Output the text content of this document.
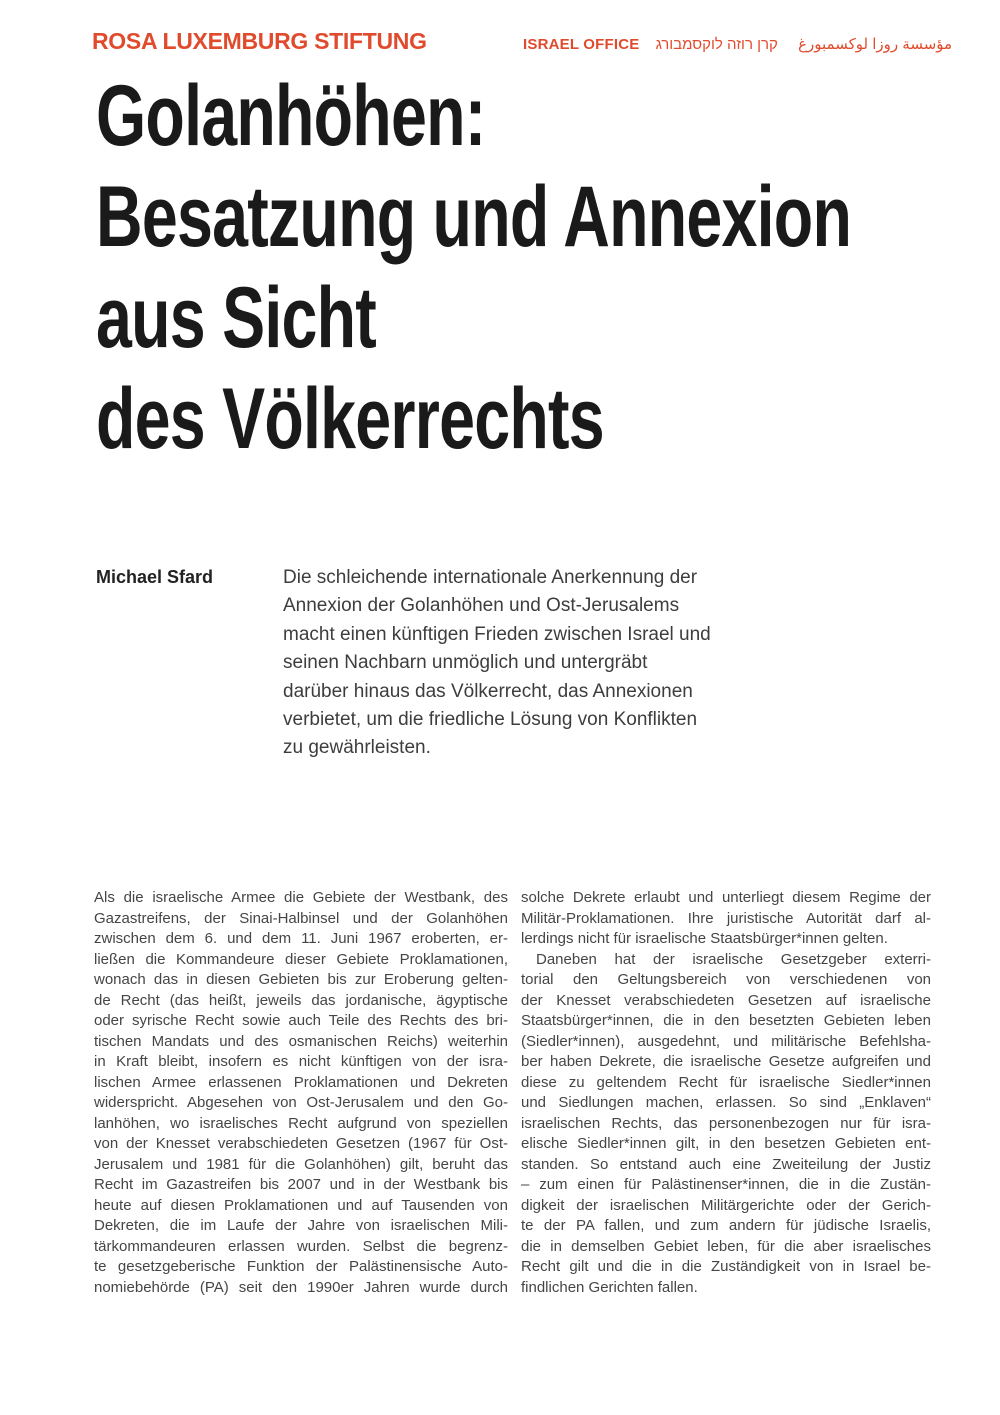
ROSA LUXEMBURG STIFTUNG	ISRAEL OFFICE קרן רוזה לוקסמבורג مؤسسة روزا لوكسمبورغ
Golanhöhen:
Besatzung und Annexion
aus Sicht
des Völkerrechts
Michael Sfard	Die schleichende internationale Anerkennung der
Annexion der Golanhöhen und Ost-Jerusalems
macht einen künftigen Frieden zwischen Israel und
seinen Nachbarn unmöglich und untergräbt
darüber hinaus das Völkerrecht, das Annexionen
verbietet, um die friedliche Lösung von Konflikten
zu gewährleisten.
Als die israelische Armee die Gebiete der Westbank, des
Gazastreifens, der Sinai-Halbinsel und der Golanhöhen
zwischen dem 6. und dem 11. Juni 1967 eroberten, er-
ließen die Kommandeure dieser Gebiete Proklamationen,
wonach das in diesen Gebieten bis zur Eroberung gelten-
de Recht (das heißt, jeweils das jordanische, ägyptische
oder syrische Recht sowie auch Teile des Rechts des bri-
tischen Mandats und des osmanischen Reichs) weiterhin
in Kraft bleibt, insofern es nicht künftigen von der isra-
lischen Armee erlassenen Proklamationen und Dekreten
widerspricht. Abgesehen von Ost-Jerusalem und den Go-
lanhöhen, wo israelisches Recht aufgrund von speziellen
von der Knesset verabschiedeten Gesetzen (1967 für Ost-
Jerusalem und 1981 für die Golanhöhen) gilt, beruht das
Recht im Gazastreifen bis 2007 und in der Westbank bis
heute auf diesen Proklamationen und auf Tausenden von
Dekreten, die im Laufe der Jahre von israelischen Mili-
tärkommandeuren erlassen wurden. Selbst die begrenz-
te gesetzgeberische Funktion der Palästinensische Auto-
nomiebehörde (PA) seit den 1990er Jahren wurde durch
solche Dekrete erlaubt und unterliegt diesem Regime der
Militär-Proklamationen. Ihre juristische Autorität darf al-
lerdings nicht für israelische Staatsbürger*innen gelten.
Daneben hat der israelische Gesetzgeber exterri-
torial den Geltungsbereich von verschiedenen von
der Knesset verabschiedeten Gesetzen auf israelische
Staatsbürger*innen, die in den besetzten Gebieten leben
(Siedler*innen), ausgedehnt, und militärische Befehlsha-
ber haben Dekrete, die israelische Gesetze aufgreifen und
diese zu geltendem Recht für israelische Siedler*innen
und Siedlungen machen, erlassen. So sind „Enklaven“
israelischen Rechts, das personenbezogen nur für isra-
elische Siedler*innen gilt, in den besetzen Gebieten ent-
standen. So entstand auch eine Zweiteilung der Justiz
– zum einen für Palästinenser*innen, die in die Zustän-
digkeit der israelischen Militärgerichte oder der Gerich-
te der PA fallen, und zum andern für jüdische Israelis,
die in demselben Gebiet leben, für die aber israelisches
Recht gilt und die in die Zuständigkeit von in Israel be-
findlichen Gerichten fallen.
